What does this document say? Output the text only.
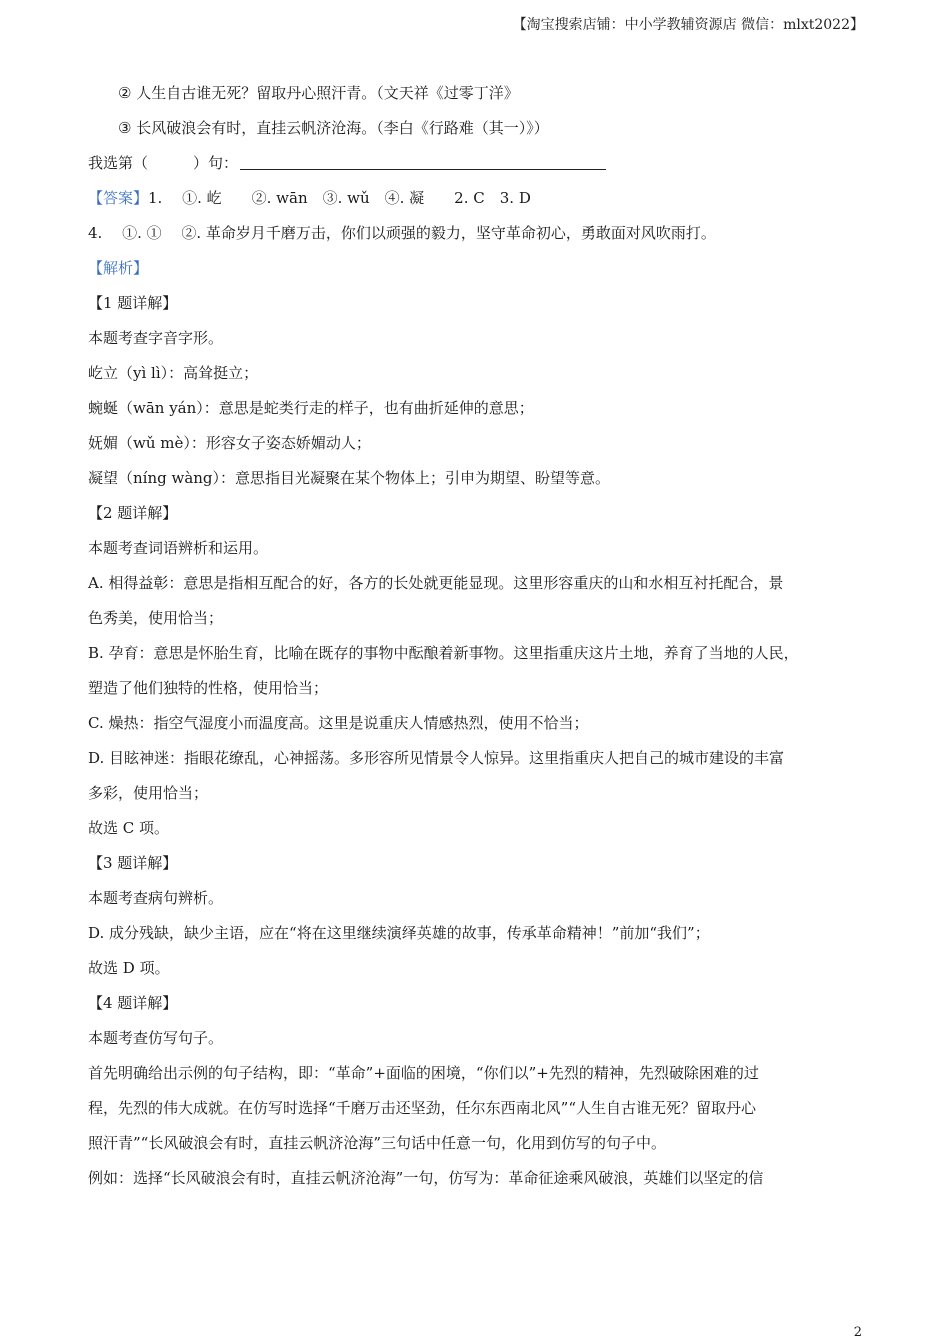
【淘宝搜索店铺：中小学教辅资源店 微信：mlxt2022】
② 人生自古谁无死？留取丹心照汗青。（文天祥《过零丁洋》
③ 长风破浪会有时，直挂云帆济沧海。（李白《行路难（其一）》）
我选第（　　　）句：
【答案】1.　 ①. 屹　　②. wān　③. wǔ　④. 凝　　2. C　3. D
4.　 ①. ①　 ②. 革命岁月千磨万击，你们以顽强的毅力，坚守革命初心，勇敢面对风吹雨打。
【解析】
【1 题详解】
本题考查字音字形。
屹立（yì lì）：高耸挺立；
蜿蜒（wān yán）：意思是蛇类行走的样子，也有曲折延伸的意思；
妩媚（wǔ mè）：形容女子姿态娇媚动人；
凝望（níng wàng）：意思指目光凝聚在某个物体上；引申为期望、盼望等意。
【2 题详解】
本题考查词语辨析和运用。
A. 相得益彰：意思是指相互配合的好，各方的长处就更能显现。这里形容重庆的山和水相互衬托配合，景
色秀美，使用恰当；
B. 孕育：意思是怀胎生育，比喻在既存的事物中酝酿着新事物。这里指重庆这片土地，养育了当地的人民，
塑造了他们独特的性格，使用恰当；
C. 燥热：指空气湿度小而温度高。这里是说重庆人情感热烈，使用不恰当；
D. 目眩神迷：指眼花缭乱，心神摇荡。多形容所见情景令人惊异。这里指重庆人把自己的城市建设的丰富
多彩，使用恰当；
故选 C 项。
【3 题详解】
本题考查病句辨析。
D. 成分残缺，缺少主语，应在“将在这里继续演绎英雄的故事，传承革命精神！”前加“我们”；
故选 D 项。
【4 题详解】
本题考查仿写句子。
首先明确给出示例的句子结构，即：“革命”+面临的困境，“你们以”+先烈的精神，先烈破除困难的过
程，先烈的伟大成就。在仿写时选择“千磨万击还坚劲，任尔东西南北风”“人生自古谁无死？留取丹心
照汗青”“长风破浪会有时，直挂云帆济沧海”三句话中任意一句，化用到仿写的句子中。
例如：选择“长风破浪会有时，直挂云帆济沧海”一句，仿写为：革命征途乘风破浪，英雄们以坚定的信
2
